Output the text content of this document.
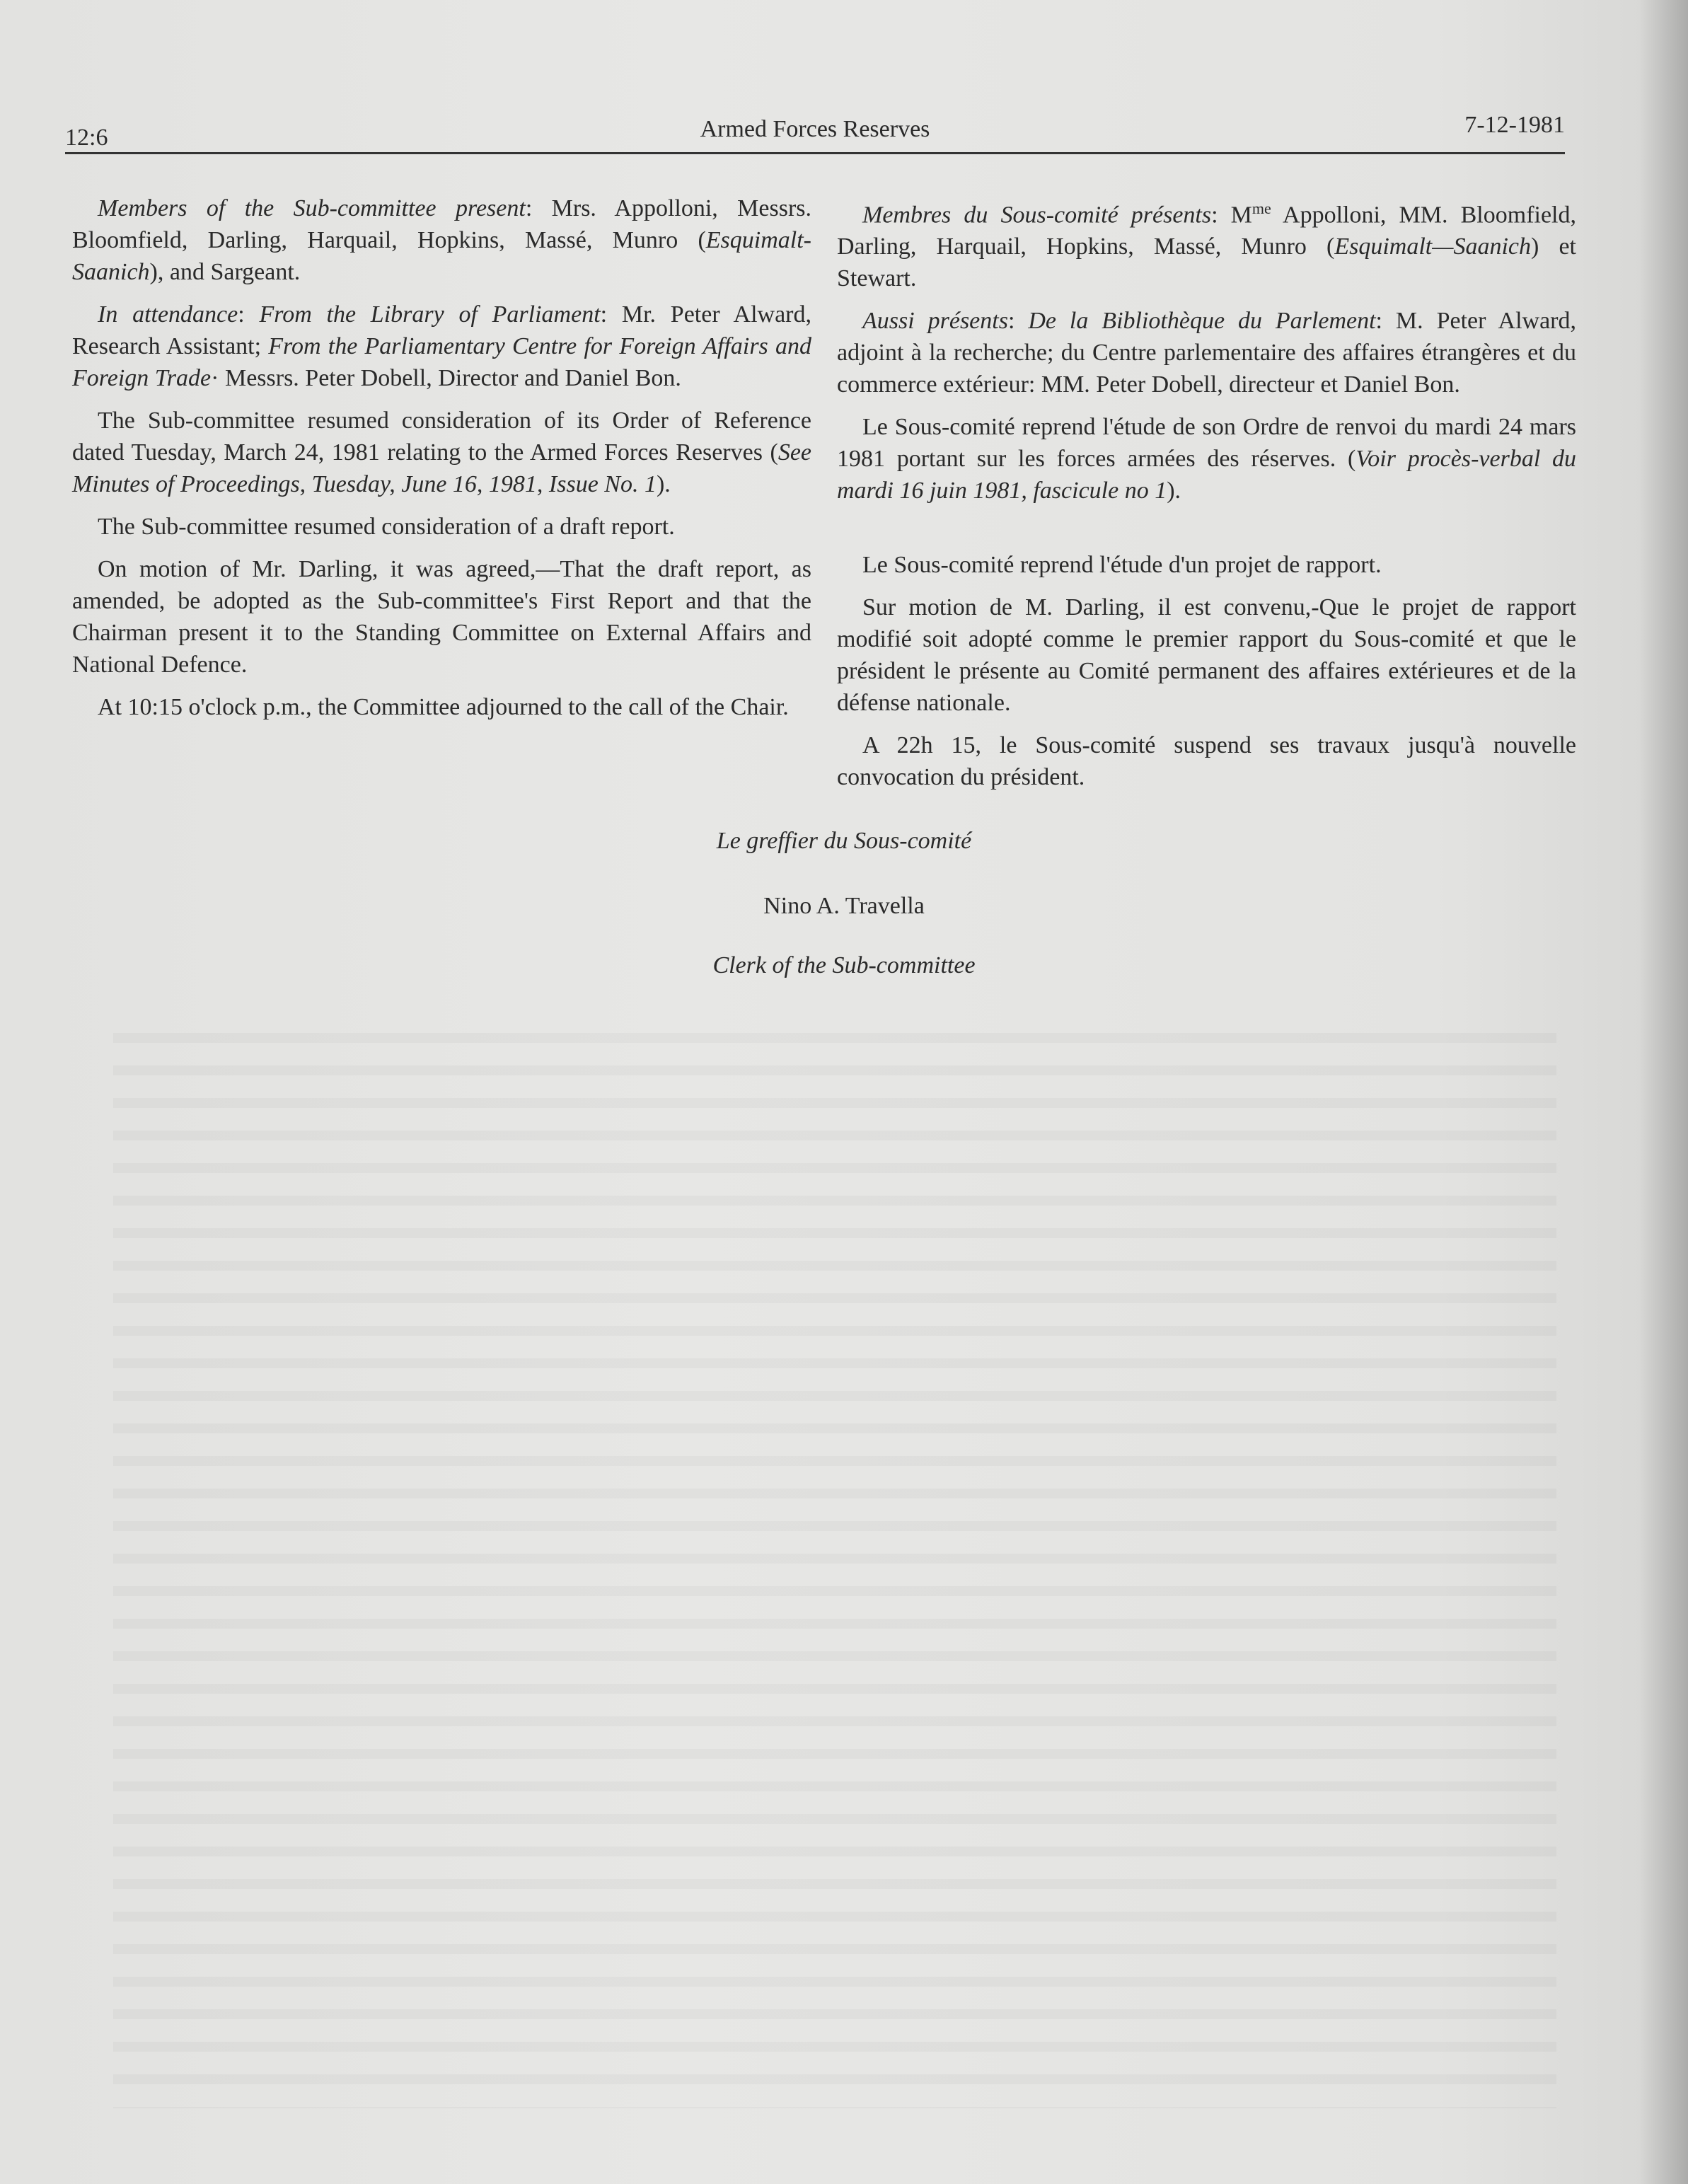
12:6	Armed Forces Reserves	7-12-1981

Members of the Sub-committee present: Mrs. Appolloni, Messrs. Bloomfield, Darling, Harquail, Hopkins, Massé, Munro (Esquimalt-Saanich), and Sargeant.

In attendance: From the Library of Parliament: Mr. Peter Alward, Research Assistant; From the Parliamentary Centre for Foreign Affairs and Foreign Trade· Messrs. Peter Dobell, Director and Daniel Bon.

The Sub-committee resumed consideration of its Order of Reference dated Tuesday, March 24, 1981 relating to the Armed Forces Reserves (See Minutes of Proceedings, Tuesday, June 16, 1981, Issue No. 1).

The Sub-committee resumed consideration of a draft report.

On motion of Mr. Darling, it was agreed,—That the draft report, as amended, be adopted as the Sub-committee's First Report and that the Chairman present it to the Standing Committee on External Affairs and National Defence.

At 10:15 o'clock p.m., the Committee adjourned to the call of the Chair.

Membres du Sous-comité présents: $M^{me}$ Appolloni, MM. Bloomfield, Darling, Harquail, Hopkins, Massé, Munro (Esquimalt—Saanich) et Stewart.

Aussi présents: De la Bibliothèque du Parlement: M. Peter Alward, adjoint à la recherche; du Centre parlementaire des affaires étrangères et du commerce extérieur: MM. Peter Dobell, directeur et Daniel Bon.

Le Sous-comité reprend l'étude de son Ordre de renvoi du mardi 24 mars 1981 portant sur les forces armées des réserves. (Voir procès-verbal du mardi 16 juin 1981, fascicule no 1).

Le Sous-comité reprend l'étude d'un projet de rapport.

Sur motion de M. Darling, il est convenu,-Que le projet de rapport modifié soit adopté comme le premier rapport du Sous-comité et que le président le présente au Comité permanent des affaires extérieures et de la défense nationale.

A 22h 15, le Sous-comité suspend ses travaux jusqu'à nouvelle convocation du président.

Le greffier du Sous-comité
Nino A. Travella
Clerk of the Sub-committee
